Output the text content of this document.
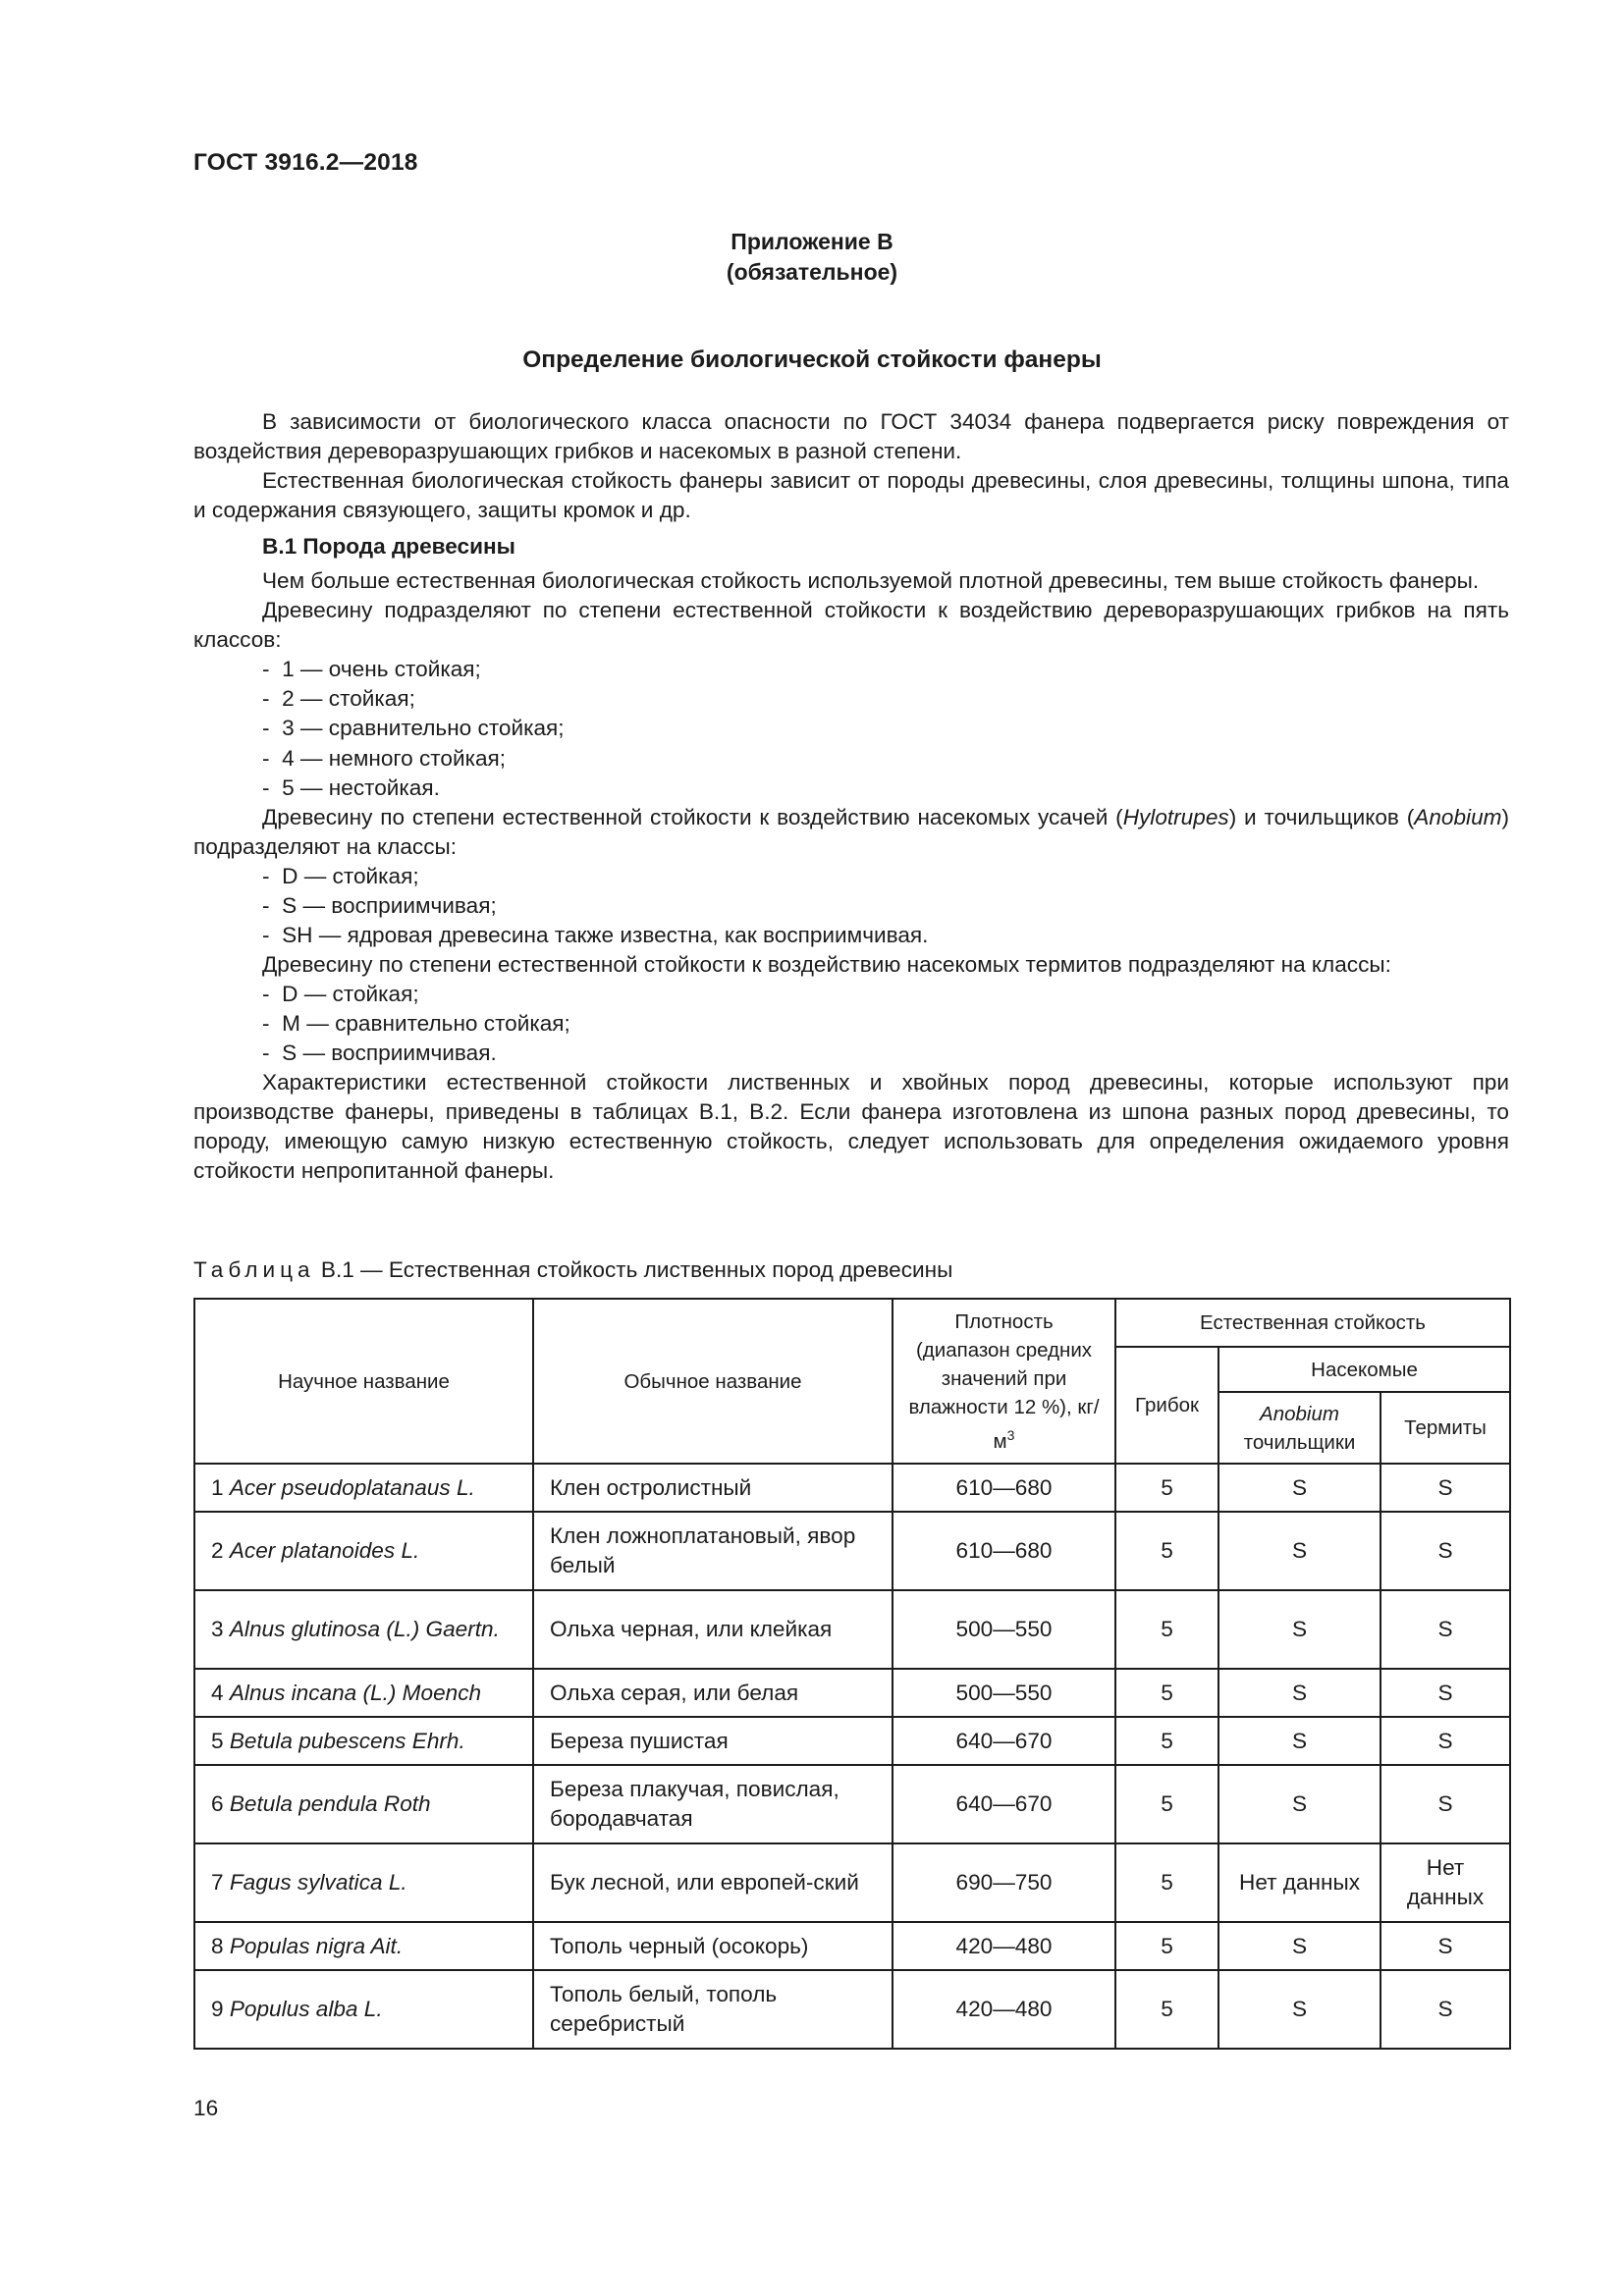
ГОСТ 3916.2—2018
Приложение В
(обязательное)
Определение биологической стойкости фанеры

В зависимости от биологического класса опасности по ГОСТ 34034 фанера подвергается риску повреждения от воздействия дереворазрушающих грибков и насекомых в разной степени.

Естественная биологическая стойкость фанеры зависит от породы древесины, слоя древесины, толщины шпона, типа и содержания связующего, защиты кромок и др.

В.1 Порода древесины

Чем больше естественная биологическая стойкость используемой плотной древесины, тем выше стойкость фанеры.

Древесину подразделяют по степени естественной стойкости к воздействию дереворазрушающих грибков на пять классов:

-  1 — очень стойкая;
-  2 — стойкая;
-  3 — сравнительно стойкая;
-  4 — немного стойкая;
-  5 — нестойкая.

Древесину по степени естественной стойкости к воздействию насекомых усачей (Hylotrupes) и точильщиков (Anobium) подразделяют на классы:

-  D — стойкая;
-  S — восприимчивая;
-  SH — ядровая древесина также известна, как восприимчивая.

Древесину по степени естественной стойкости к воздействию насекомых термитов подразделяют на классы:

-  D — стойкая;
-  М — сравнительно стойкая;
-  S — восприимчивая.

Характеристики естественной стойкости лиственных и хвойных пород древесины, которые используют при производстве фанеры, приведены в таблицах В.1, В.2. Если фанера изготовлена из шпона разных пород древесины, то породу, имеющую самую низкую естественную стойкость, следует использовать для определения ожидаемого уровня стойкости непропитанной фанеры.

Таблица В.1 — Естественная стойкость лиственных пород древесины
Научное название	Обычное название	Плотность (диапазон средних значений при влажности 12 %), $кг/м^3$	Естественная стойкость		
			Грибок	Насекомые	
				Anobium
точильщики	Термиты
1 Acer pseudoplatanaus L.	Клен остролистный	610—680	5	S	S
2 Acer platanoides L.	Клен ложноплатановый, явор белый	610—680	5	S	S
3 Alnus glutinosa (L.) Gaertn.	Ольха черная, или клейкая	500—550	5	S	S
4 Alnus incana (L.) Moench	Ольха серая, или белая	500—550	5	S	S
5 Betula pubescens Ehrh.	Береза пушистая	640—670	5	S	S
6 Betula pendula Roth	Береза плакучая, повислая, бородавчатая	640—670	5	S	S
7 Fagus sylvatica L.	Бук лесной, или европей-ский	690—750	5	Нет данных	Нет данных
8 Populas nigra Ait.	Тополь черный (осокорь)	420—480	5	S	S
9 Populus alba L.	Тополь белый, тополь серебристый	420—480	5	S	S
16
